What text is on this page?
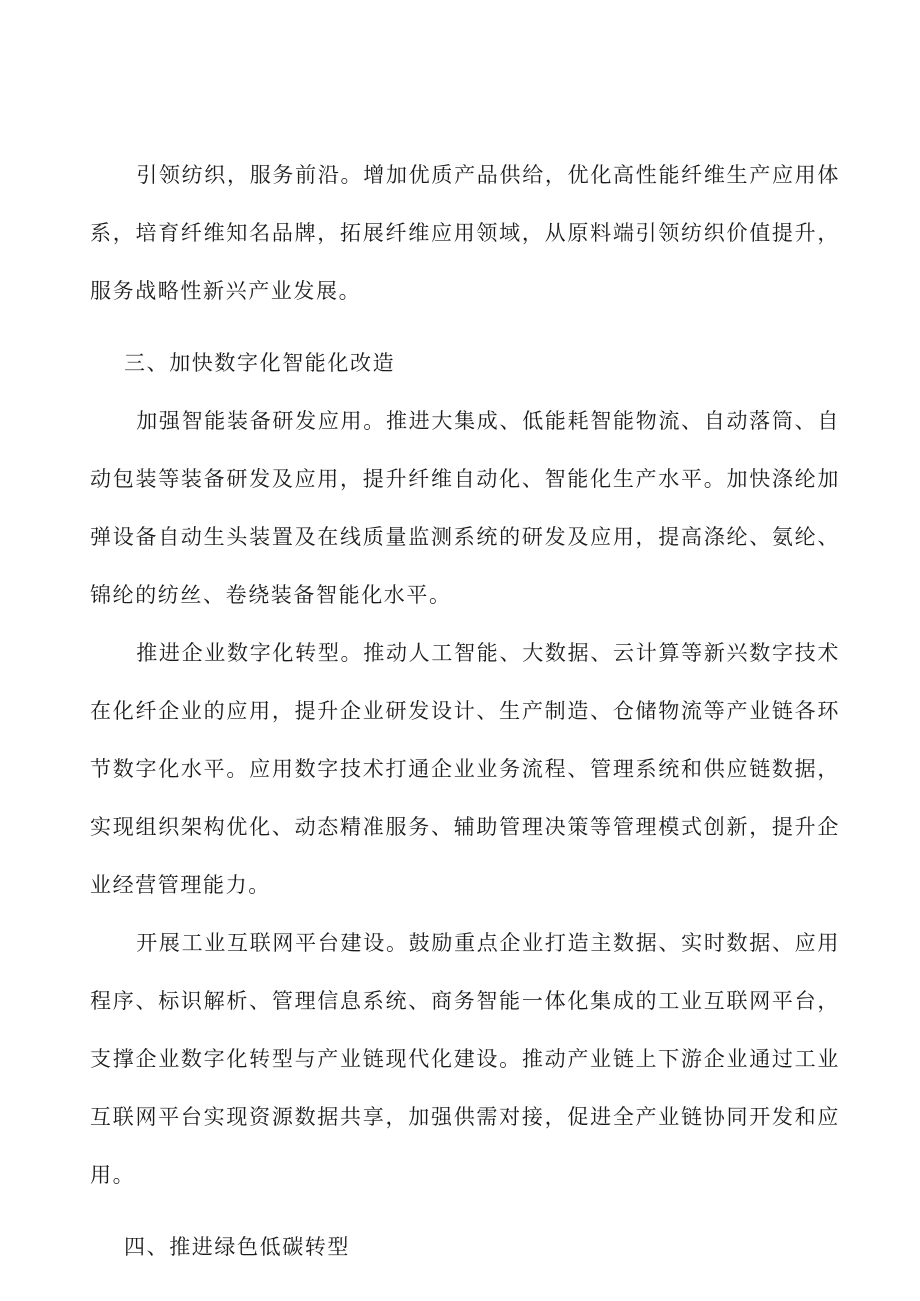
引领纺织，服务前沿。增加优质产品供给，优化高性能纤维生产应用体系，培育纤维知名品牌，拓展纤维应用领域，从原料端引领纺织价值提升，服务战略性新兴产业发展。

三、加快数字化智能化改造

加强智能装备研发应用。推进大集成、低能耗智能物流、自动落筒、自动包装等装备研发及应用，提升纤维自动化、智能化生产水平。加快涤纶加弹设备自动生头装置及在线质量监测系统的研发及应用，提高涤纶、氨纶、锦纶的纺丝、卷绕装备智能化水平。

推进企业数字化转型。推动人工智能、大数据、云计算等新兴数字技术在化纤企业的应用，提升企业研发设计、生产制造、仓储物流等产业链各环节数字化水平。应用数字技术打通企业业务流程、管理系统和供应链数据，实现组织架构优化、动态精准服务、辅助管理决策等管理模式创新，提升企业经营管理能力。

开展工业互联网平台建设。鼓励重点企业打造主数据、实时数据、应用程序、标识解析、管理信息系统、商务智能一体化集成的工业互联网平台，支撑企业数字化转型与产业链现代化建设。推动产业链上下游企业通过工业互联网平台实现资源数据共享，加强供需对接，促进全产业链协同开发和应用。

四、推进绿色低碳转型
